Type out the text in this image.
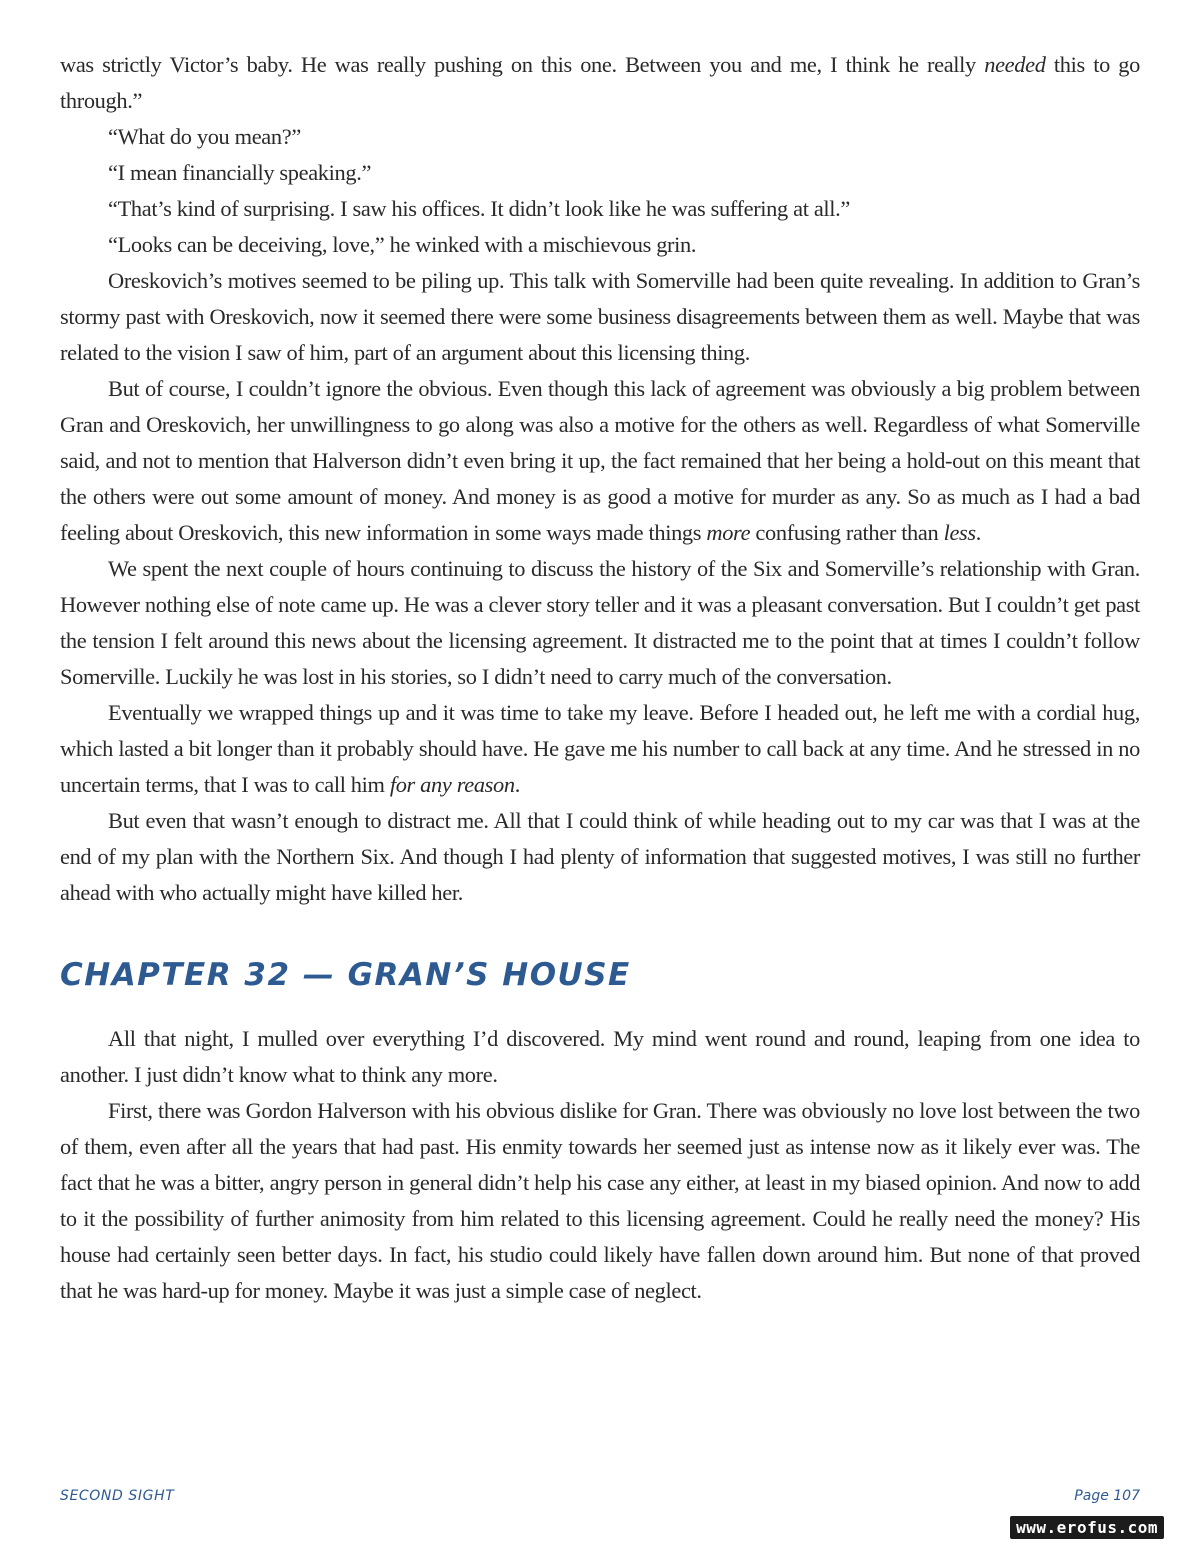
was strictly Victor’s baby. He was really pushing on this one. Between you and me, I think he really needed this to go through.”

“What do you mean?”

“I mean financially speaking.”

“That’s kind of surprising. I saw his offices. It didn’t look like he was suffering at all.”

“Looks can be deceiving, love,” he winked with a mischievous grin.

Oreskovich’s motives seemed to be piling up. This talk with Somerville had been quite revealing. In addition to Gran’s stormy past with Oreskovich, now it seemed there were some business disagreements between them as well. Maybe that was related to the vision I saw of him, part of an argument about this licensing thing.

But of course, I couldn’t ignore the obvious. Even though this lack of agreement was obviously a big problem between Gran and Oreskovich, her unwillingness to go along was also a motive for the others as well. Regardless of what Somerville said, and not to mention that Halverson didn’t even bring it up, the fact remained that her being a hold-out on this meant that the others were out some amount of money. And money is as good a motive for murder as any. So as much as I had a bad feeling about Oreskovich, this new information in some ways made things more confusing rather than less.

We spent the next couple of hours continuing to discuss the history of the Six and Somerville’s relationship with Gran. However nothing else of note came up. He was a clever story teller and it was a pleasant conversation. But I couldn’t get past the tension I felt around this news about the licensing agreement. It distracted me to the point that at times I couldn’t follow Somerville. Luckily he was lost in his stories, so I didn’t need to carry much of the conversation.

Eventually we wrapped things up and it was time to take my leave. Before I headed out, he left me with a cordial hug, which lasted a bit longer than it probably should have. He gave me his number to call back at any time. And he stressed in no uncertain terms, that I was to call him for any reason.

But even that wasn’t enough to distract me. All that I could think of while heading out to my car was that I was at the end of my plan with the Northern Six. And though I had plenty of information that suggested motives, I was still no further ahead with who actually might have killed her.

CHAPTER 32 — GRAN’S HOUSE

All that night, I mulled over everything I’d discovered. My mind went round and round, leaping from one idea to another. I just didn’t know what to think any more.

First, there was Gordon Halverson with his obvious dislike for Gran. There was obviously no love lost between the two of them, even after all the years that had past. His enmity towards her seemed just as intense now as it likely ever was. The fact that he was a bitter, angry person in general didn’t help his case any either, at least in my biased opinion. And now to add to it the possibility of further animosity from him related to this licensing agreement. Could he really need the money? His house had certainly seen better days. In fact, his studio could likely have fallen down around him. But none of that proved that he was hard-up for money. Maybe it was just a simple case of neglect.

SECOND SIGHT	Page 107
www.erofus.com
